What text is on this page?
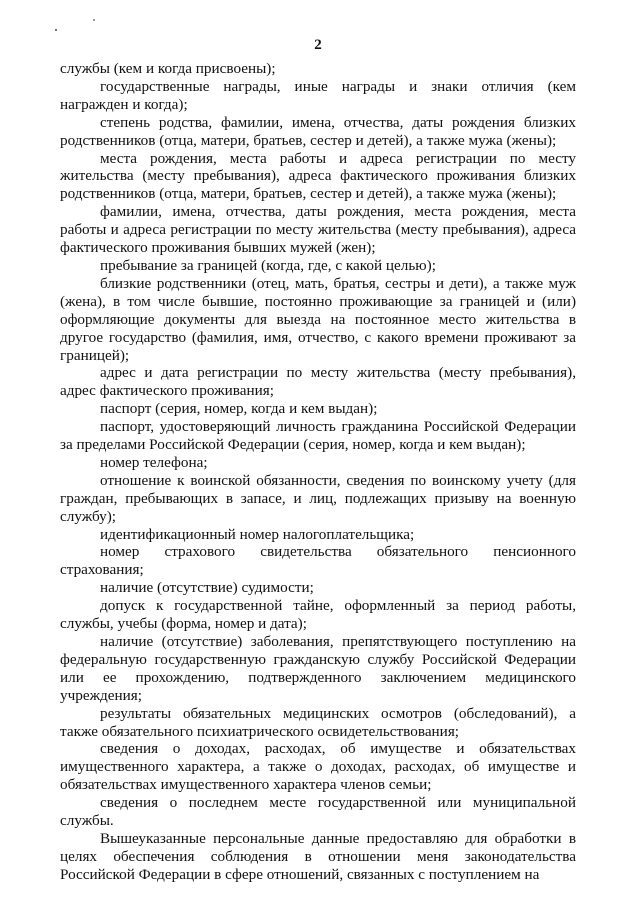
2

службы (кем и когда присвоены);

государственные награды, иные награды и знаки отличия (кем награжден и когда);

степень родства, фамилии, имена, отчества, даты рождения близких родственников (отца, матери, братьев, сестер и детей), а также мужа (жены);

места рождения, места работы и адреса регистрации по месту жительства (месту пребывания), адреса фактического проживания близких родственников (отца, матери, братьев, сестер и детей), а также мужа (жены);

фамилии, имена, отчества, даты рождения, места рождения, места работы и адреса регистрации по месту жительства (месту пребывания), адреса фактического проживания бывших мужей (жен);

пребывание за границей (когда, где, с какой целью);

близкие родственники (отец, мать, братья, сестры и дети), а также муж (жена), в том числе бывшие, постоянно проживающие за границей и (или) оформляющие документы для выезда на постоянное место жительства в другое государство (фамилия, имя, отчество, с какого времени проживают за границей);

адрес и дата регистрации по месту жительства (месту пребывания), адрес фактического проживания;

паспорт (серия, номер, когда и кем выдан);

паспорт, удостоверяющий личность гражданина Российской Федерации за пределами Российской Федерации (серия, номер, когда и кем выдан);

номер телефона;

отношение к воинской обязанности, сведения по воинскому учету (для граждан, пребывающих в запасе, и лиц, подлежащих призыву на военную службу);

идентификационный номер налогоплательщика;

номер страхового свидетельства обязательного пенсионного страхования;

наличие (отсутствие) судимости;

допуск к государственной тайне, оформленный за период работы, службы, учебы (форма, номер и дата);

наличие (отсутствие) заболевания, препятствующего поступлению на федеральную государственную гражданскую службу Российской Федерации или ее прохождению, подтвержденного заключением медицинского учреждения;

результаты обязательных медицинских осмотров (обследований), а также обязательного психиатрического освидетельствования;

сведения о доходах, расходах, об имуществе и обязательствах имущественного характера, а также о доходах, расходах, об имуществе и обязательствах имущественного характера членов семьи;

сведения о последнем месте государственной или муниципальной службы.

Вышеуказанные персональные данные предоставляю для обработки в целях обеспечения соблюдения в отношении меня законодательства Российской Федерации в сфере отношений, связанных с поступлением на
